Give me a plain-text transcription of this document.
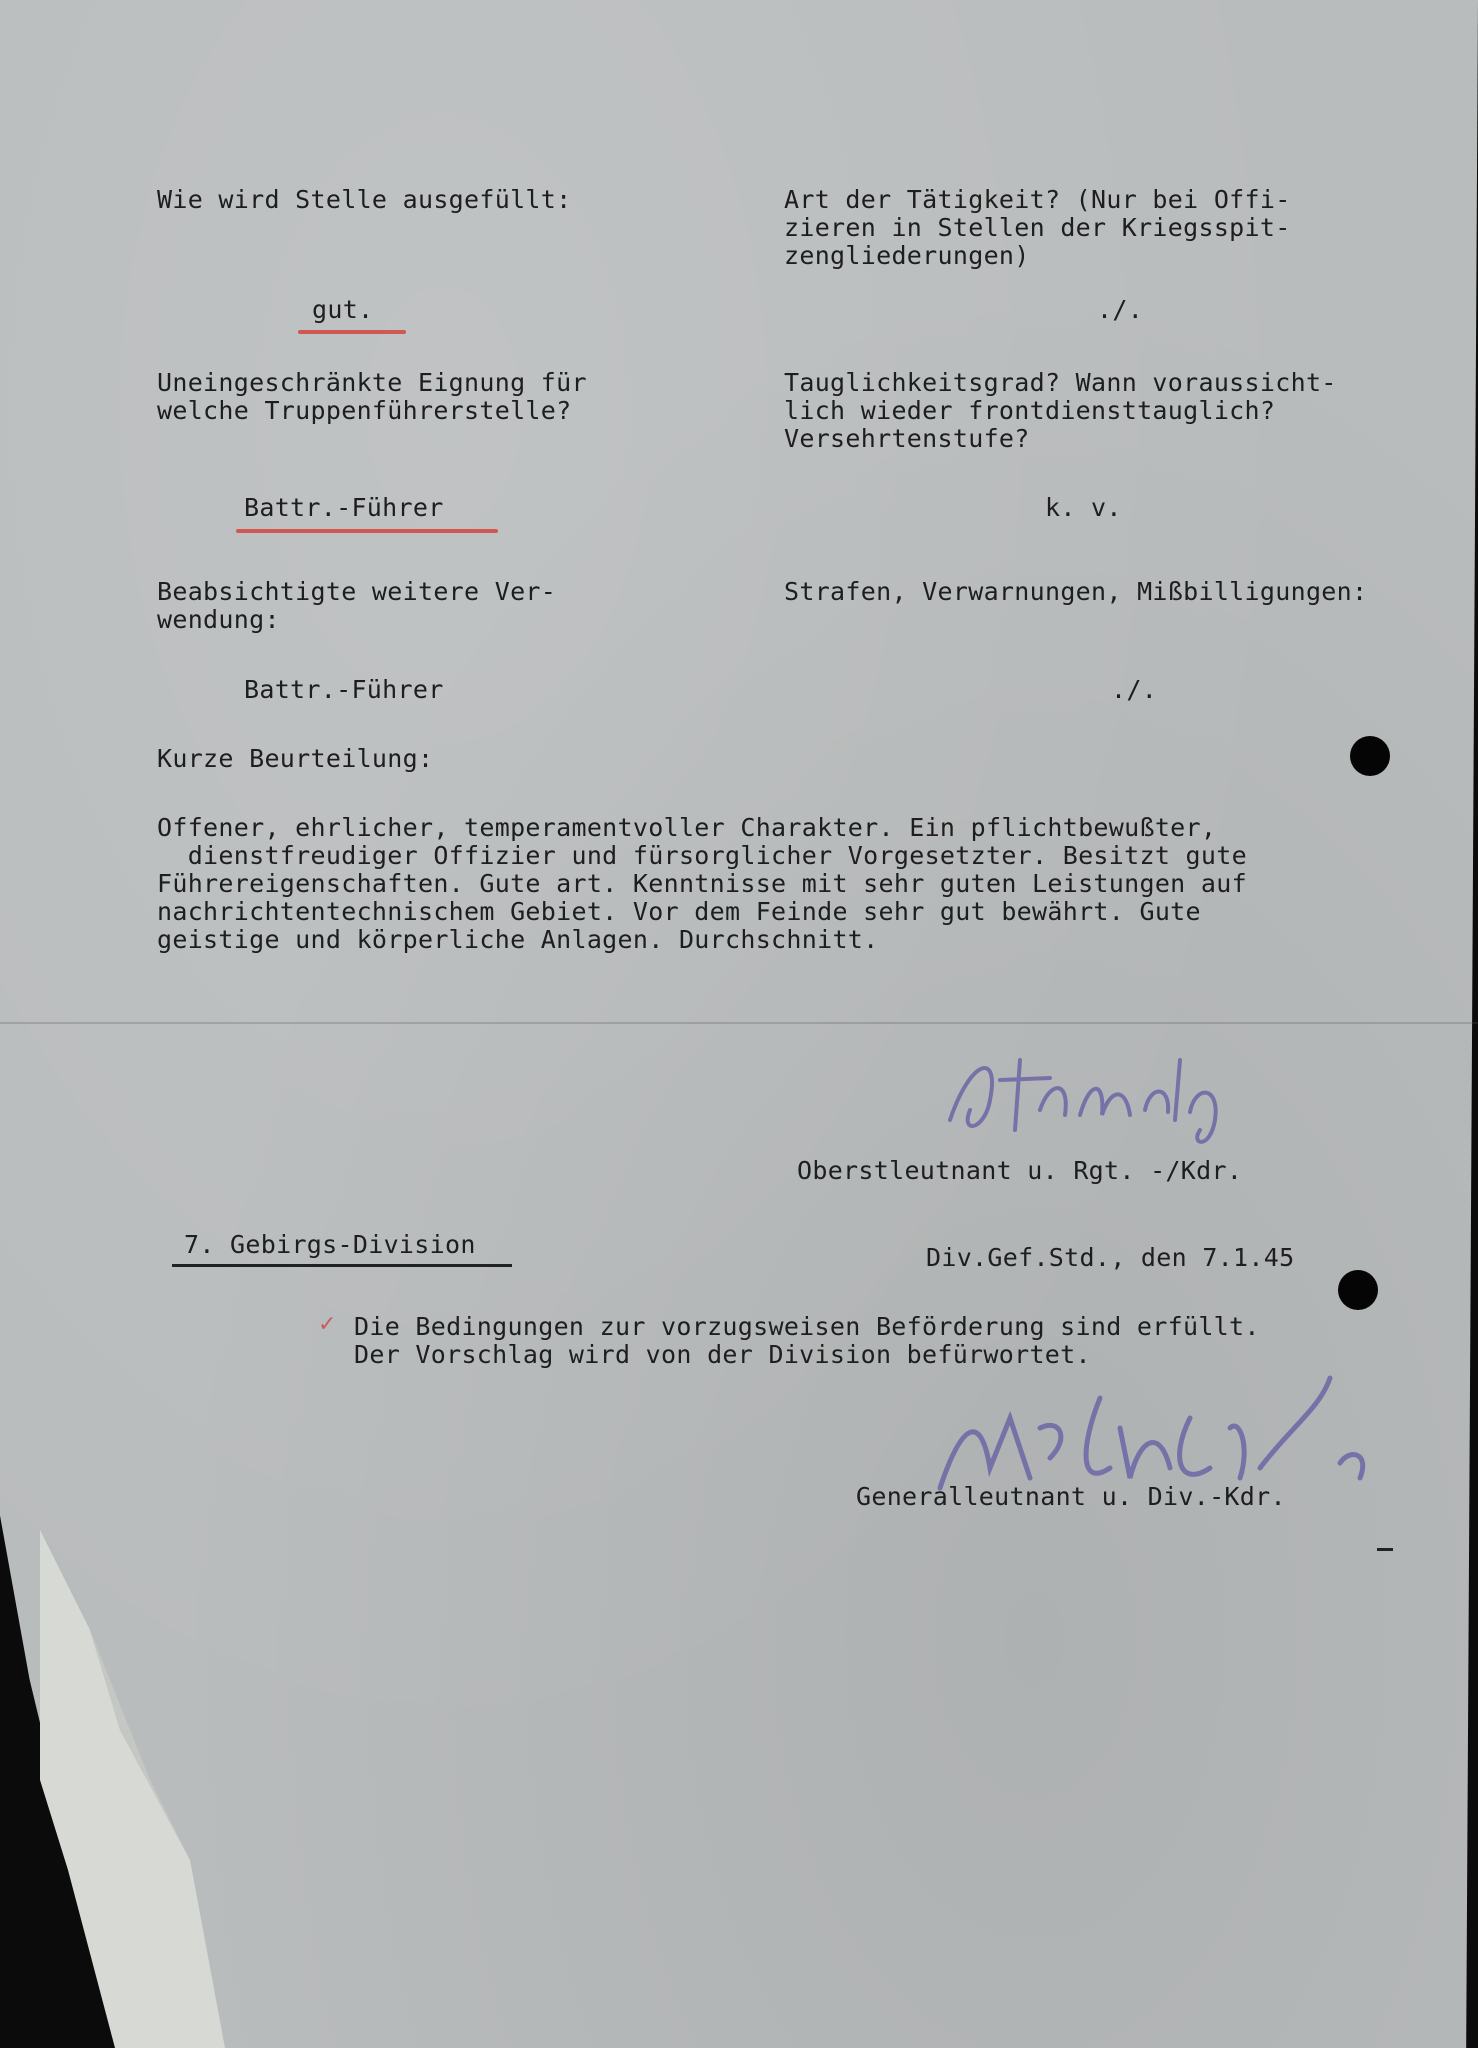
Wie wird Stelle ausgefüllt:
gut.
Uneingeschränkte Eignung für
welche Truppenführerstelle?
Battr.-Führer
Beabsichtigte weitere Ver-
wendung:
Battr.-Führer
Art der Tätigkeit? (Nur bei Offi-
zieren in Stellen der Kriegsspit-
zengliederungen)
./.
Tauglichkeitsgrad? Wann voraussicht-
lich wieder frontdiensttauglich?
Versehrtenstufe?
k. v.
Strafen, Verwarnungen, Mißbilligungen:
./.
Kurze Beurteilung:
Offener, ehrlicher, temperamentvoller Charakter. Ein pflichtbewußter,
dienstfreudiger Offizier und fürsorglicher Vorgesetzter. Besitzt gute
Führereigenschaften. Gute art. Kenntnisse mit sehr guten Leistungen auf
nachrichtentechnischem Gebiet. Vor dem Feinde sehr gut bewährt. Gute
geistige und körperliche Anlagen. Durchschnitt.
Oberstleutnant u. Rgt. -/Kdr.
7. Gebirgs-Division	Div.Gef.Std., den 7.1.45
✓ Die Bedingungen zur vorzugsweisen Beförderung sind erfüllt.
Der Vorschlag wird von der Division befürwortet.
Generalleutnant u. Div.-Kdr.
